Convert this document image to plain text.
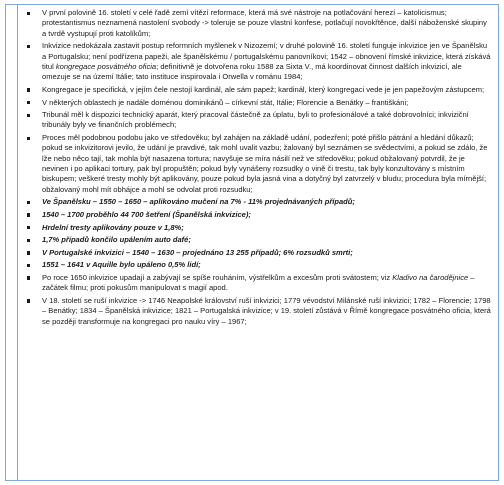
V první polovině 16. století v celé řadě zemí vítězí reformace, která má své nástroje na potlačování herezí – katolicismus; protestantismus neznamená nastolení svobody -> toleruje se pouze vlastní konfese, potlačují novokřtěnce, další náboženské skupiny a tvrdě vystupují proti katolíkům;
Inkvizice nedokázala zastavit postup reformních myšlenek v Nizozemí; v druhé polovině 16. století funguje inkvizice jen ve Španělsku a Portugalsku; není podřízena papeži, ale španělskému / portugalskému panovníkovi; 1542 – obnovení římské inkvizice, která získává titul kongregace posvátného oficia; definitivně je dotvořena roku 1588 za Sixta V., má koordinovat činnost dalších inkvizicí, ale omezuje se na území Itálie; tato instituce inspirovala i Orwella v románu 1984;
Kongregace je specifická, v jejím čele nestojí kardinál, ale sám papež; kardinál, který kongregaci vede je jen papežovým zástupcem;
V některých oblastech je nadále doménou dominikánů – církevní stát, Itálie; Florencie a Benátky – františkáni;
Tribunál měl k dispozici technický aparát, který pracoval částečně za úplatu, byli to profesionálové a také dobrovolníci; inkviziční tribunály byly ve finančních problémech;
Proces měl podobnou podobu jako ve středověku; byl zahájen na základě udání, podezření; poté přišlo pátrání a hledání důkazů; pokud se inkvizitorovi jevilo, že udání je pravdivé, tak mohl uvalit vazbu; žalovaný byl seznámen se svědectvími, a pokud se zdálo, že lže nebo něco tají, tak mohla být nasazena tortura; navyšuje se míra násilí než ve středověku; pokud obžalovaný potvrdil, že je nevinen i po aplikaci tortury, pak byl propuštěn; pokud byly vynášeny rozsudky o vině či trestu, tak byly konzultovány s místním biskupem; veškeré tresty mohly být aplikovány, pouze pokud byla jasná vina a dotyčný byl zatvrzelý v bludu; procedura byla mírnější; obžalovaný mohl mít obhájce a mohl se odvolat proti rozsudku;
Ve Španělsku – 1550 – 1650 – aplikováno mučení na 7% - 11% projednávaných případů;
1540 – 1700 proběhlo 44 700 šetření (Španělská inkvizice);
Hrdelní tresty aplikovány pouze v 1,8%;
1,7% případů končilo upálením auto dafé;
V Portugalské inkvizici – 1540 – 1630 – projednáno 13 255 případů; 6% rozsudků smrti;
1551 – 1641 v Aquille bylo upáleno 0,5% lidí;
Po roce 1650 inkvizice upadají a zabývají se spíše rouháním, výstřelkům a excesům proti svátostem; viz Kladivo na čarodějnice – začátek filmu; proti pokusům manipulovat s magií apod.
V 18. století se ruší inkvizice -> 1746 Neapolské království ruší inkvizici; 1779 vévodství Milánské ruší inkvizici; 1782 – Florencie; 1798 – Benátky; 1834 – Španělská inkvizice; 1821 – Portugalská inkvizice; v 19. století zůstává v Římě kongregace posvátného oficia, která se později transformuje na kongregaci pro nauku víry – 1967;
